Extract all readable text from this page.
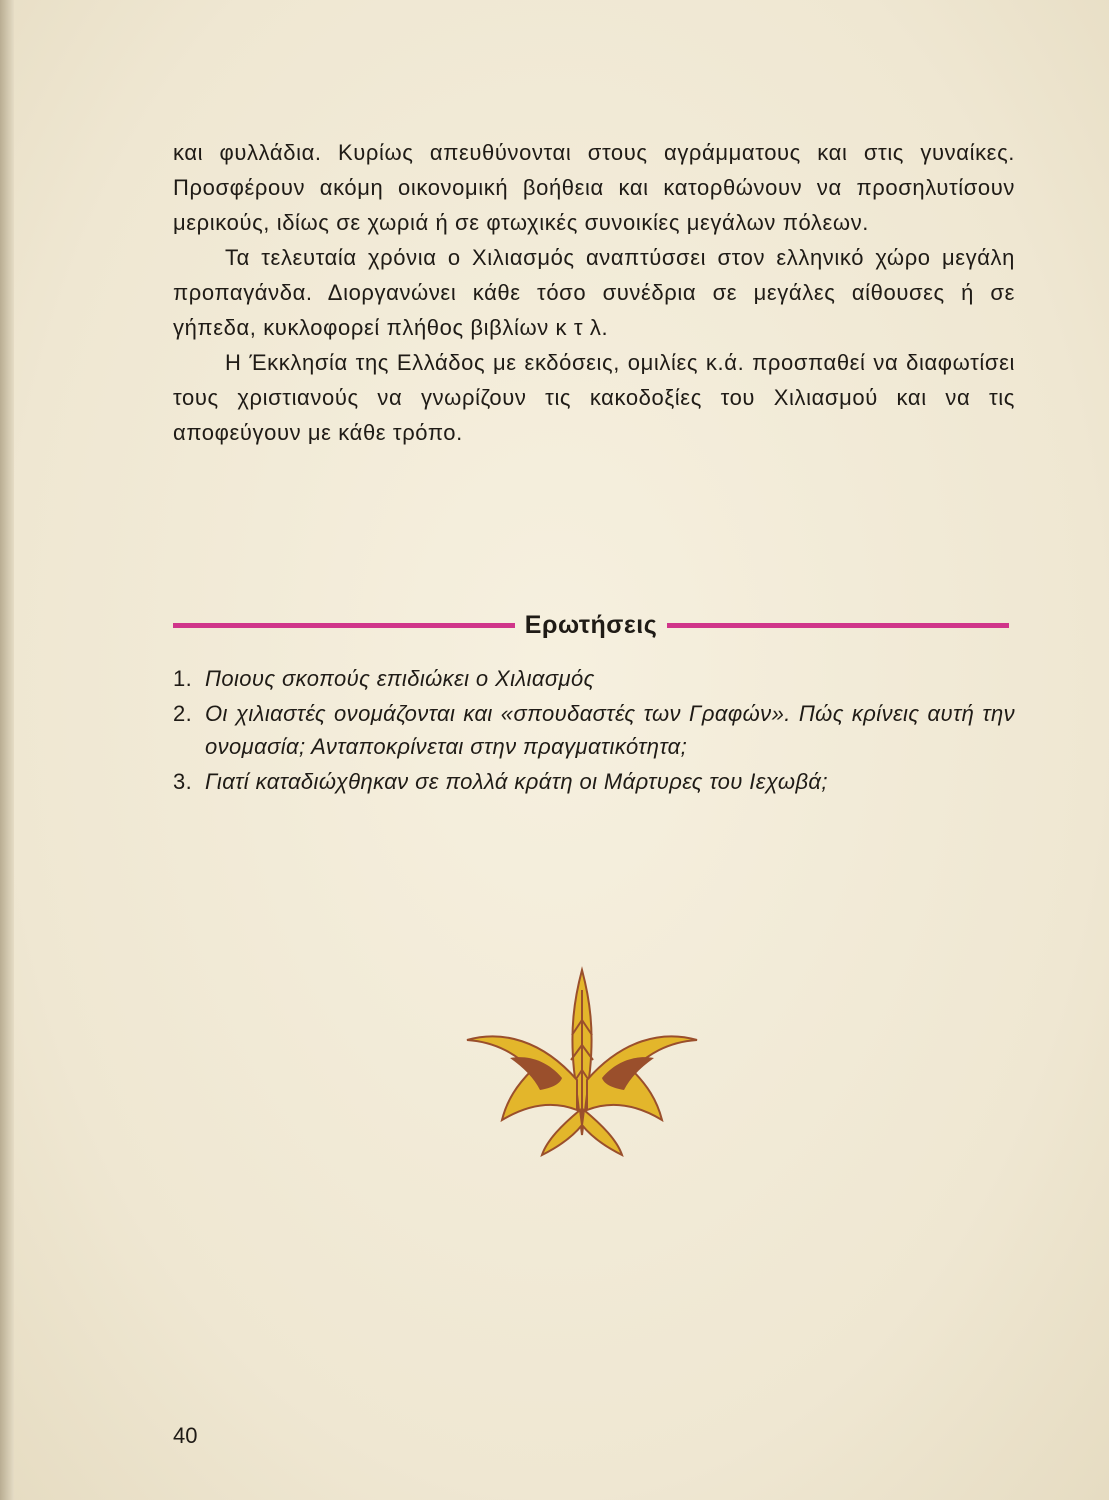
και φυλλάδια. Κυρίως απευθύνονται στους αγράμματους και στις γυναίκες. Προσφέρουν ακόμη οικονομική βοήθεια και κατορθώνουν να προσηλυτίσουν μερικούς, ιδίως σε χωριά ή σε φτωχικές συνοικίες μεγάλων πόλεων.

Τα τελευταία χρόνια ο Χιλιασμός αναπτύσσει στον ελληνικό χώρο μεγάλη προπαγάνδα. Διοργανώνει κάθε τόσο συνέδρια σε μεγάλες αίθουσες ή σε γήπεδα, κυκλοφορεί πλήθος βιβλίων κ τ λ.

Η Έκκλησία της Ελλάδος με εκδόσεις, ομιλίες κ.ά. προσπαθεί να διαφωτίσει τους χριστιανούς να γνωρίζουν τις κακοδοξίες του Χιλιασμού και να τις αποφεύγουν με κάθε τρόπο.

Ερωτήσεις
1. Ποιους σκοπούς επιδιώκει ο Χιλιασμός
2. Οι χιλιαστές ονομάζονται και «σπουδαστές των Γραφών». Πώς κρίνεις αυτή την ονομασία; Ανταποκρίνεται στην πραγματικότητα;
3. Γιατί καταδιώχθηκαν σε πολλά κράτη οι Μάρτυρες του Ιεχωβά;
40
